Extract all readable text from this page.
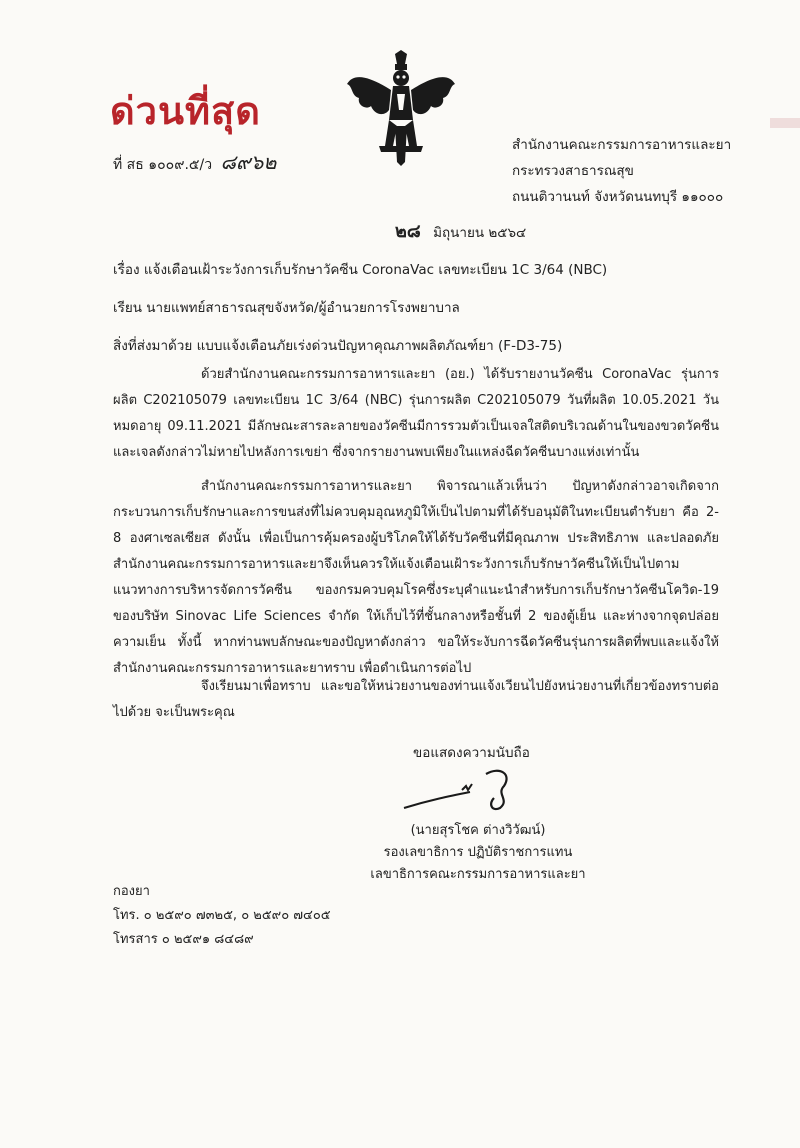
ด่วนที่สุด
ที่ สธ ๑๐๐๙.๕/ว ๘๙๖๒
สำนักงานคณะกรรมการอาหารและยา
กระทรวงสาธารณสุข
ถนนติวานนท์ จังหวัดนนทบุรี ๑๑๐๐๐
๒๘ มิถุนายน ๒๕๖๔
เรื่อง แจ้งเตือนเฝ้าระวังการเก็บรักษาวัคซีน CoronaVac เลขทะเบียน 1C 3/64 (NBC)
เรียน นายแพทย์สาธารณสุขจังหวัด/ผู้อำนวยการโรงพยาบาล
สิ่งที่ส่งมาด้วย แบบแจ้งเตือนภัยเร่งด่วนปัญหาคุณภาพผลิตภัณฑ์ยา (F-D3-75)

ด้วยสำนักงานคณะกรรมการอาหารและยา (อย.) ได้รับรายงานวัคซีน CoronaVac รุ่นการผลิต C202105079 เลขทะเบียน 1C 3/64 (NBC) รุ่นการผลิต C202105079 วันที่ผลิต 10.05.2021 วันหมดอายุ 09.11.2021 มีลักษณะสารละลายของวัคซีนมีการรวมตัวเป็นเจลใสติดบริเวณด้านในของขวดวัคซีน และเจลดังกล่าวไม่หายไปหลังการเขย่า ซึ่งจากรายงานพบเพียงในแหล่งฉีดวัคซีนบางแห่งเท่านั้น

สำนักงานคณะกรรมการอาหารและยา พิจารณาแล้วเห็นว่า ปัญหาดังกล่าวอาจเกิดจากกระบวนการเก็บรักษาและการขนส่งที่ไม่ควบคุมอุณหภูมิให้เป็นไปตามที่ได้รับอนุมัติในทะเบียนตำรับยา คือ 2-8 องศาเซลเซียส ดังนั้น เพื่อเป็นการคุ้มครองผู้บริโภคให้ได้รับวัคซีนที่มีคุณภาพ ประสิทธิภาพ และปลอดภัย สำนักงานคณะกรรมการอาหารและยาจึงเห็นควรให้แจ้งเตือนเฝ้าระวังการเก็บรักษาวัคซีนให้เป็นไปตามแนวทางการบริหารจัดการวัคซีน ของกรมควบคุมโรคซึ่งระบุคำแนะนำสำหรับการเก็บรักษาวัคซีนโควิด-19 ของบริษัท Sinovac Life Sciences จำกัด ให้เก็บไว้ที่ชั้นกลางหรือชั้นที่ 2 ของตู้เย็น และห่างจากจุดปล่อยความเย็น ทั้งนี้ หากท่านพบลักษณะของปัญหาดังกล่าว ขอให้ระงับการฉีดวัคซีนรุ่นการผลิตที่พบและแจ้งให้สำนักงานคณะกรรมการอาหารและยาทราบ เพื่อดำเนินการต่อไป

จึงเรียนมาเพื่อทราบ และขอให้หน่วยงานของท่านแจ้งเวียนไปยังหน่วยงานที่เกี่ยวข้องทราบต่อไปด้วย จะเป็นพระคุณ

ขอแสดงความนับถือ
(นายสุรโชค ต่างวิวัฒน์)
รองเลขาธิการ ปฏิบัติราชการแทน
เลขาธิการคณะกรรมการอาหารและยา
กองยา
โทร. ๐ ๒๕๙๐ ๗๓๒๕, ๐ ๒๕๙๐ ๗๔๐๕
โทรสาร ๐ ๒๕๙๑ ๘๔๘๙
